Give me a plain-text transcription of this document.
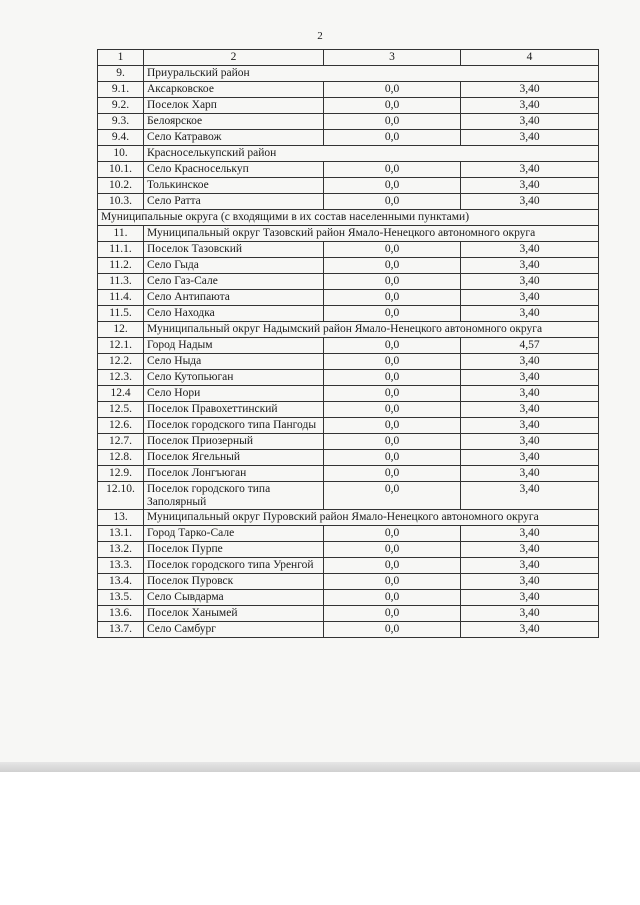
2
1	2	3	4
9.	Приуральский район		
9.1.	Аксарковское	0,0	3,40
9.2.	Поселок Харп	0,0	3,40
9.3.	Белоярское	0,0	3,40
9.4.	Село Катравож	0,0	3,40
10.	Красноселькупский район		
10.1.	Село Красноселькуп	0,0	3,40
10.2.	Толькинское	0,0	3,40
10.3.	Село Ратта	0,0	3,40
Муниципальные округа (с входящими в их состав населенными пунктами)			
11.	Муниципальный округ Тазовский район Ямало-Ненецкого автономного округа		
11.1.	Поселок Тазовский	0,0	3,40
11.2.	Село Гыда	0,0	3,40
11.3.	Село Газ-Сале	0,0	3,40
11.4.	Село Антипаюта	0,0	3,40
11.5.	Село Находка	0,0	3,40
12.	Муниципальный округ Надымский район Ямало-Ненецкого автономного округа		
12.1.	Город Надым	0,0	4,57
12.2.	Село Ныда	0,0	3,40
12.3.	Село Кутопьюган	0,0	3,40
12.4	Село Нори	0,0	3,40
12.5.	Поселок Правохеттинский	0,0	3,40
12.6.	Поселок городского типа Пангоды	0,0	3,40
12.7.	Поселок Приозерный	0,0	3,40
12.8.	Поселок Ягельный	0,0	3,40
12.9.	Поселок Лонгъюган	0,0	3,40
12.10.	Поселок городского типа Заполярный	0,0	3,40
13.	Муниципальный округ Пуровский район Ямало-Ненецкого автономного округа		
13.1.	Город Тарко-Сале	0,0	3,40
13.2.	Поселок Пурпе	0,0	3,40
13.3.	Поселок городского типа Уренгой	0,0	3,40
13.4.	Поселок Пуровск	0,0	3,40
13.5.	Село Сывдарма	0,0	3,40
13.6.	Поселок Ханымей	0,0	3,40
13.7.	Село Самбург	0,0	3,40
